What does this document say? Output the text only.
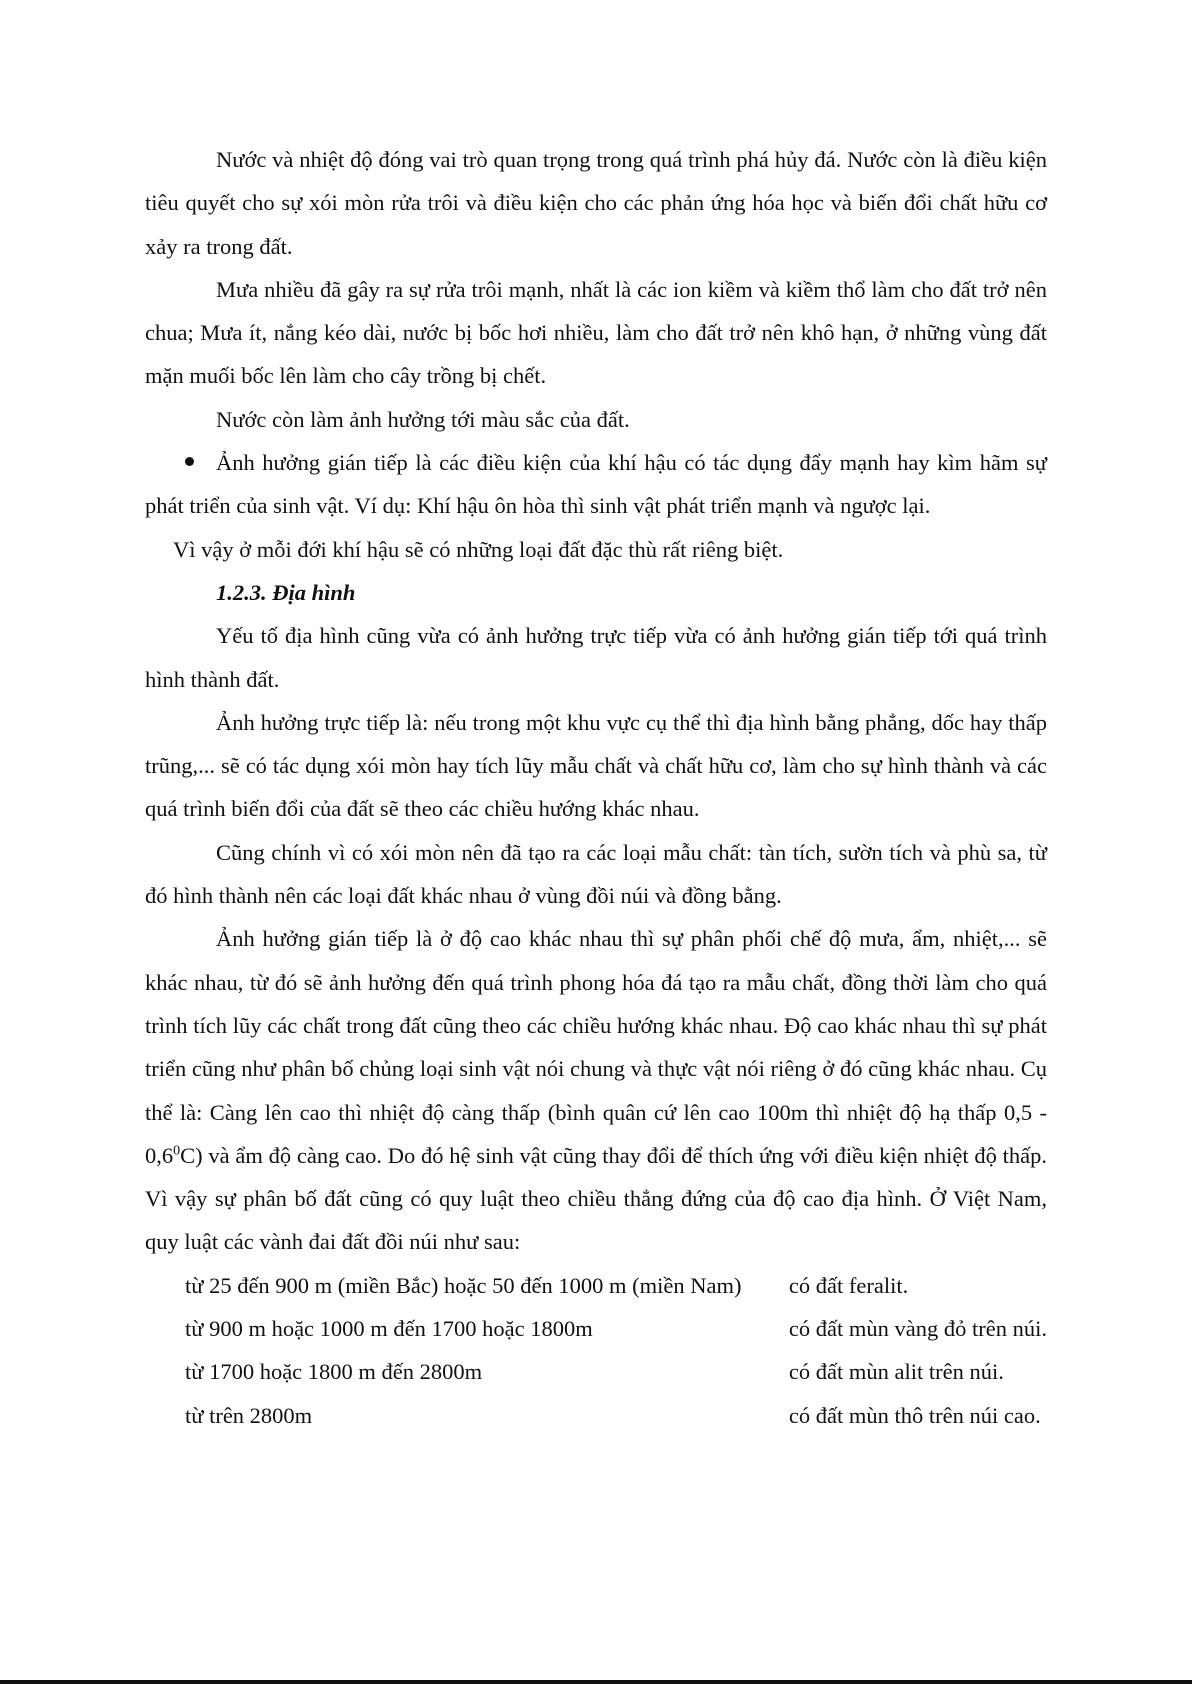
Nước và nhiệt độ đóng vai trò quan trọng trong quá trình phá hủy đá. Nước còn là điều kiện tiêu quyết cho sự xói mòn rửa trôi và điều kiện cho các phản ứng hóa học và biến đổi chất hữu cơ xảy ra trong đất.

Mưa nhiều đã gây ra sự rửa trôi mạnh, nhất là các ion kiềm và kiềm thổ làm cho đất trở nên chua; Mưa ít, nắng kéo dài, nước bị bốc hơi nhiều, làm cho đất trở nên khô hạn, ở những vùng đất mặn muối bốc lên làm cho cây trồng bị chết.

Nước còn làm ảnh hưởng tới màu sắc của đất.

Ảnh hưởng gián tiếp là các điều kiện của khí hậu có tác dụng đẩy mạnh hay kìm hãm sự phát triển của sinh vật. Ví dụ: Khí hậu ôn hòa thì sinh vật phát triển mạnh và ngược lại.

Vì vậy ở mỗi đới khí hậu sẽ có những loại đất đặc thù rất riêng biệt.

1.2.3. Địa hình

Yếu tố địa hình cũng vừa có ảnh hưởng trực tiếp vừa có ảnh hưởng gián tiếp tới quá trình hình thành đất.

Ảnh hưởng trực tiếp là: nếu trong một khu vực cụ thể thì địa hình bằng phẳng, dốc hay thấp trũng,... sẽ có tác dụng xói mòn hay tích lũy mẫu chất và chất hữu cơ, làm cho sự hình thành và các quá trình biến đổi của đất sẽ theo các chiều hướng khác nhau.

Cũng chính vì có xói mòn nên đã tạo ra các loại mẫu chất: tàn tích, sườn tích và phù sa, từ đó hình thành nên các loại đất khác nhau ở vùng đồi núi và đồng bằng.

Ảnh hưởng gián tiếp là ở độ cao khác nhau thì sự phân phối chế độ mưa, ẩm, nhiệt,... sẽ khác nhau, từ đó sẽ ảnh hưởng đến quá trình phong hóa đá tạo ra mẫu chất, đồng thời làm cho quá trình tích lũy các chất trong đất cũng theo các chiều hướng khác nhau. Độ cao khác nhau thì sự phát triển cũng như phân bố chủng loại sinh vật nói chung và thực vật nói riêng ở đó cũng khác nhau. Cụ thể là: Càng lên cao thì nhiệt độ càng thấp (bình quân cứ lên cao 100m thì nhiệt độ hạ thấp $0,5 - 0,6^0C$) và ẩm độ càng cao. Do đó hệ sinh vật cũng thay đổi để thích ứng với điều kiện nhiệt độ thấp. Vì vậy sự phân bố đất cũng có quy luật theo chiều thẳng đứng của độ cao địa hình. Ở Việt Nam, quy luật các vành đai đất đồi núi như sau:

từ 25 đến 900 m (miền Bắc) hoặc 50 đến 1000 m (miền Nam)	có đất feralit.
từ 900 m hoặc 1000 m đến 1700 hoặc 1800m	có đất mùn vàng đỏ trên núi.
từ 1700 hoặc 1800 m đến 2800m	có đất mùn alit trên núi.
từ trên 2800m	có đất mùn thô trên núi cao.
